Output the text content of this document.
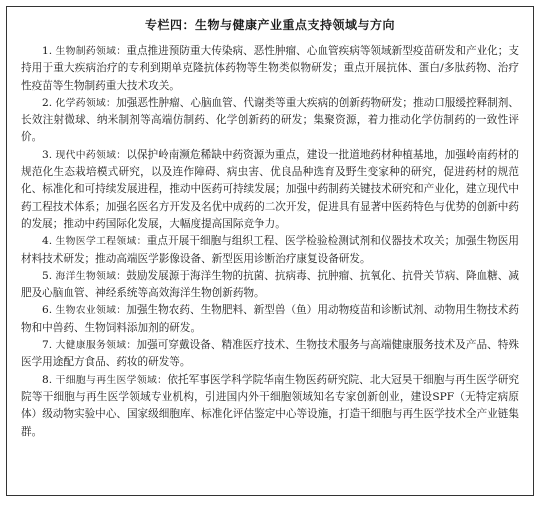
专栏四：生物与健康产业重点支持领域与方向

1. 生物制药领域：重点推进预防重大传染病、恶性肿瘤、心血管疾病等领域新型疫苗研发和产业化；支持用于重大疾病治疗的专利到期单克隆抗体药物等生物类似物研发；重点开展抗体、蛋白/多肽药物、治疗性疫苗等生物制药重大技术攻关。

2. 化学药领域：加强恶性肿瘤、心脑血管、代谢类等重大疾病的创新药物研发；推动口服缓控释制剂、长效注射微球、纳米制剂等高端仿制药、化学创新药的研发；集聚资源，着力推动化学仿制药的一致性评价。

3. 现代中药领域：以保护岭南濒危稀缺中药资源为重点，建设一批道地药材种植基地，加强岭南药材的规范化生态栽培模式研究，以及连作障碍、病虫害、优良品种选育及野生变家种的研究，促进药材的规范化、标准化和可持续发展进程，推动中医药可持续发展；加强中药制药关键技术研究和产业化，建立现代中药工程技术体系；加强名医名方开发及名优中成药的二次开发，促进具有显著中医药特色与优势的创新中药的发展；推动中药国际化发展，大幅度提高国际竞争力。

4. 生物医学工程领域：重点开展干细胞与组织工程、医学检验检测试剂和仪器技术攻关；加强生物医用材料技术研发；推动高端医学影像设备、新型医用诊断治疗康复设备研发。

5. 海洋生物领域：鼓励发展源于海洋生物的抗菌、抗病毒、抗肿瘤、抗氧化、抗骨关节病、降血糖、减肥及心脑血管、神经系统等高效海洋生物创新药物。

6. 生物农业领域：加强生物农药、生物肥料、新型兽（鱼）用动物疫苗和诊断试剂、动物用生物技术药物和中兽药、生物饲料添加剂的研发。

7. 大健康服务领域：加强可穿戴设备、精准医疗技术、生物技术服务与高端健康服务技术及产品、特殊医学用途配方食品、药妆的研发等。

8. 干细胞与再生医学领域：依托军事医学科学院华南生物医药研究院、北大冠昊干细胞与再生医学研究院等干细胞与再生医学领域专业机构，引进国内外干细胞领域知名专家创新创业，建设SPF（无特定病原体）级动物实验中心、国家级细胞库、标准化评估鉴定中心等设施，打造干细胞与再生医学技术全产业链集群。
